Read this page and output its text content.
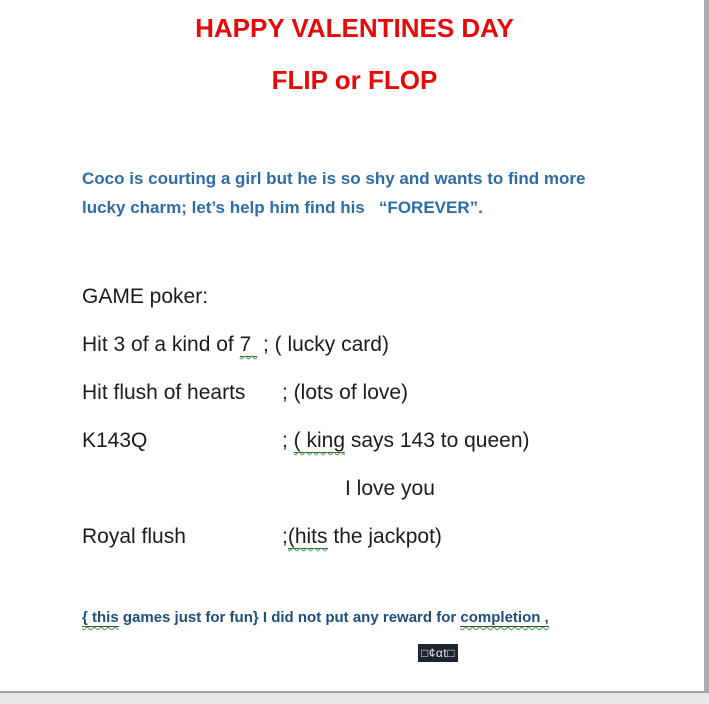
HAPPY VALENTINES DAY
FLIP or FLOP
Coco is courting a girl but he is so shy and wants to find more
lucky charm; let’s help him find his   “FOREVER”.
GAME poker:
Hit 3 of a kind of 7  ; ( lucky card)
Hit flush of hearts ; (lots of love)
K143Q	; ( king says 143 to queen)
I love you
Royal flush	;(hits the jackpot)
{ this games just for fun} I did not put any reward for completion ,
□¢αt□
